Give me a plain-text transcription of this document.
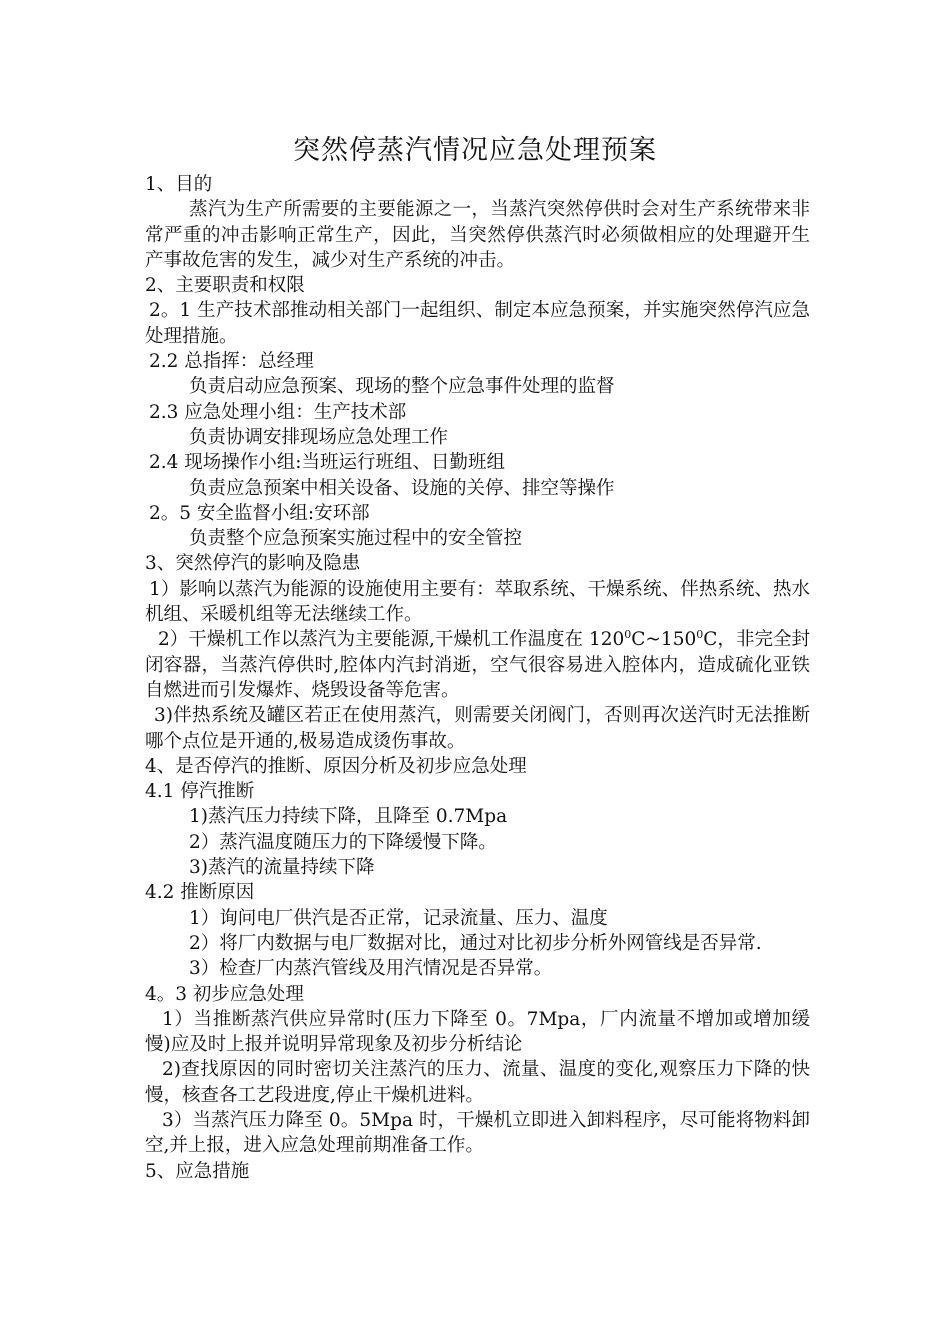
突然停蒸汽情况应急处理预案

1、目的

蒸汽为生产所需要的主要能源之一，当蒸汽突然停供时会对生产系统带来非常严重的冲击影响正常生产，因此，当突然停供蒸汽时必须做相应的处理避开生产事故危害的发生，减少对生产系统的冲击。

2、主要职责和权限

2。1 生产技术部推动相关部门一起组织、制定本应急预案，并实施突然停汽应急处理措施。

2.2 总指挥：总经理

负责启动应急预案、现场的整个应急事件处理的监督

2.3 应急处理小组：生产技术部

负责协调安排现场应急处理工作

2.4 现场操作小组:当班运行班组、日勤班组

负责应急预案中相关设备、设施的关停、排空等操作

2。5 安全监督小组:安环部

负责整个应急预案实施过程中的安全管控

3、突然停汽的影响及隐患

1）影响以蒸汽为能源的设施使用主要有：萃取系统、干燥系统、伴热系统、热水机组、采暖机组等无法继续工作。

2）干燥机工作以蒸汽为主要能源,干燥机工作温度在 $120^0C\sim 150^0C$，非完全封闭容器，当蒸汽停供时,腔体内汽封消逝，空气很容易进入腔体内，造成硫化亚铁自燃进而引发爆炸、烧毁设备等危害。

3)伴热系统及罐区若正在使用蒸汽，则需要关闭阀门，否则再次送汽时无法推断哪个点位是开通的,极易造成烫伤事故。

4、是否停汽的推断、原因分析及初步应急处理

4.1 停汽推断

1)蒸汽压力持续下降，且降至 0.7Mpa

2）蒸汽温度随压力的下降缓慢下降。

3)蒸汽的流量持续下降

4.2 推断原因

1）询问电厂供汽是否正常，记录流量、压力、温度

2）将厂内数据与电厂数据对比，通过对比初步分析外网管线是否异常.

3）检查厂内蒸汽管线及用汽情况是否异常。

4。3 初步应急处理

1）当推断蒸汽供应异常时(压力下降至 0。7Mpa，厂内流量不增加或增加缓慢)应及时上报并说明异常现象及初步分析结论

2)查找原因的同时密切关注蒸汽的压力、流量、温度的变化,观察压力下降的快慢，核查各工艺段进度,停止干燥机进料。

3）当蒸汽压力降至 0。5Mpa 时，干燥机立即进入卸料程序，尽可能将物料卸空,并上报，进入应急处理前期准备工作。

5、应急措施
